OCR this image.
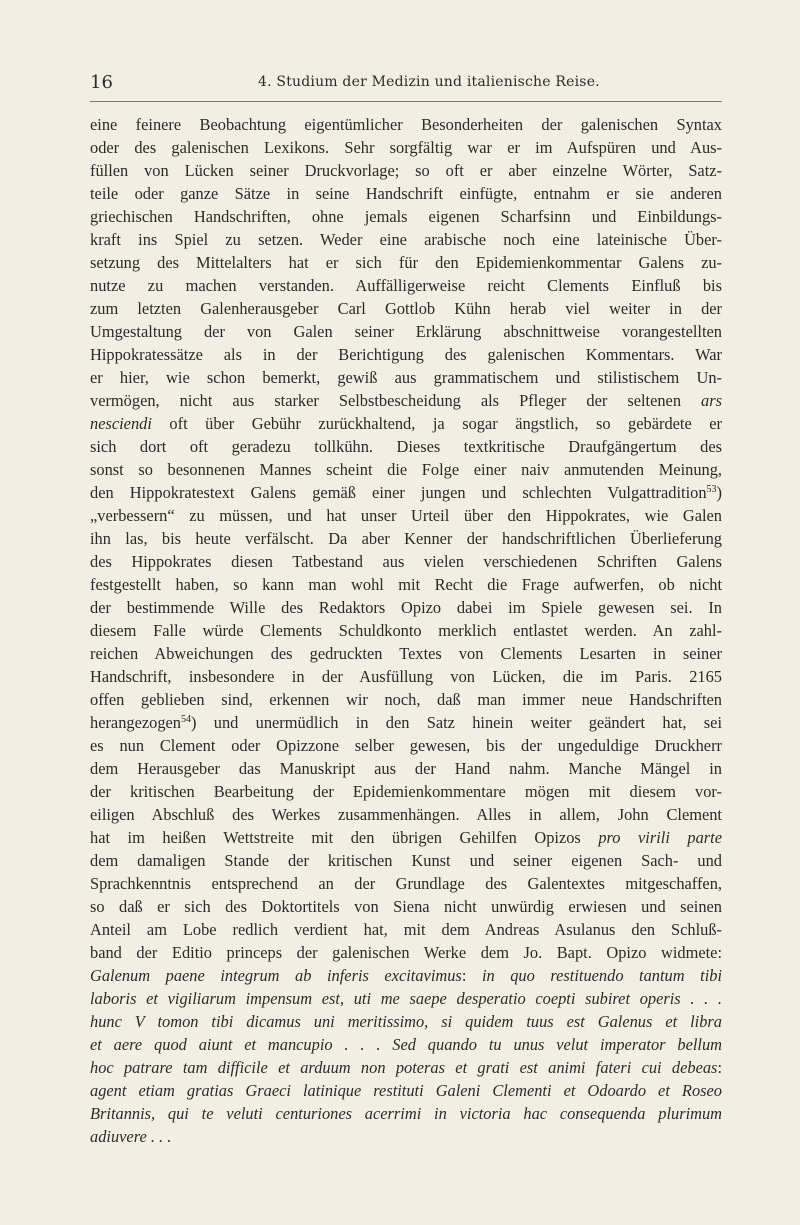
16	4. Studium der Medizin und italienische Reise.
eine feinere Beobachtung eigentümlicher Besonderheiten der galenischen Syntax
oder des galenischen Lexikons. Sehr sorgfältig war er im Aufspüren und Aus-
füllen von Lücken seiner Druckvorlage; so oft er aber einzelne Wörter, Satz-
teile oder ganze Sätze in seine Handschrift einfügte, entnahm er sie anderen
griechischen Handschriften, ohne jemals eigenen Scharfsinn und Einbildungs-
kraft ins Spiel zu setzen. Weder eine arabische noch eine lateinische Über-
setzung des Mittelalters hat er sich für den Epidemienkommentar Galens zu-
nutze zu machen verstanden. Auffälligerweise reicht Clements Einfluß bis
zum letzten Galenherausgeber Carl Gottlob Kühn herab viel weiter in der
Umgestaltung der von Galen seiner Erklärung abschnittweise vorangestellten
Hippokratessätze als in der Berichtigung des galenischen Kommentars. War
er hier, wie schon bemerkt, gewiß aus grammatischem und stilistischem Un-
vermögen, nicht aus starker Selbstbescheidung als Pfleger der seltenen ars
nesciendi oft über Gebühr zurückhaltend, ja sogar ängstlich, so gebärdete er
sich dort oft geradezu tollkühn. Dieses textkritische Draufgängertum des
sonst so besonnenen Mannes scheint die Folge einer naiv anmutenden Meinung,
den Hippokratestext Galens gemäß einer jungen und schlechten Vulgattradition$^{53}$)
„verbessern“ zu müssen, und hat unser Urteil über den Hippokrates, wie Galen
ihn las, bis heute verfälscht. Da aber Kenner der handschriftlichen Überlieferung
des Hippokrates diesen Tatbestand aus vielen verschiedenen Schriften Galens
festgestellt haben, so kann man wohl mit Recht die Frage aufwerfen, ob nicht
der bestimmende Wille des Redaktors Opizo dabei im Spiele gewesen sei. In
diesem Falle würde Clements Schuldkonto merklich entlastet werden. An zahl-
reichen Abweichungen des gedruckten Textes von Clements Lesarten in seiner
Handschrift, insbesondere in der Ausfüllung von Lücken, die im Paris. 2165
offen geblieben sind, erkennen wir noch, daß man immer neue Handschriften
herangezogen$^{54}$) und unermüdlich in den Satz hinein weiter geändert hat, sei
es nun Clement oder Opizzone selber gewesen, bis der ungeduldige Druckherr
dem Herausgeber das Manuskript aus der Hand nahm. Manche Mängel in
der kritischen Bearbeitung der Epidemienkommentare mögen mit diesem vor-
eiligen Abschluß des Werkes zusammenhängen. Alles in allem, John Clement
hat im heißen Wettstreite mit den übrigen Gehilfen Opizos pro virili parte
dem damaligen Stande der kritischen Kunst und seiner eigenen Sach- und
Sprachkenntnis entsprechend an der Grundlage des Galentextes mitgeschaffen,
so daß er sich des Doktortitels von Siena nicht unwürdig erwiesen und seinen
Anteil am Lobe redlich verdient hat, mit dem Andreas Asulanus den Schluß-
band der Editio princeps der galenischen Werke dem Jo. Bapt. Opizo widmete:
Galenum paene integrum ab inferis excitavimus: in quo restituendo tantum tibi
laboris et vigiliarum impensum est, uti me saepe desperatio coepti subiret operis . . .
hunc V tomon tibi dicamus uni meritissimo, si quidem tuus est Galenus et libra
et aere quod aiunt et mancupio . . . Sed quando tu unus velut imperator bellum
hoc patrare tam difficile et arduum non poteras et grati est animi fateri cui debeas:
agent etiam gratias Graeci latinique restituti Galeni Clementi et Odoardo et Roseo
Britannis, qui te veluti centuriones acerrimi in victoria hac consequenda plurimum
adiuvere . . .
